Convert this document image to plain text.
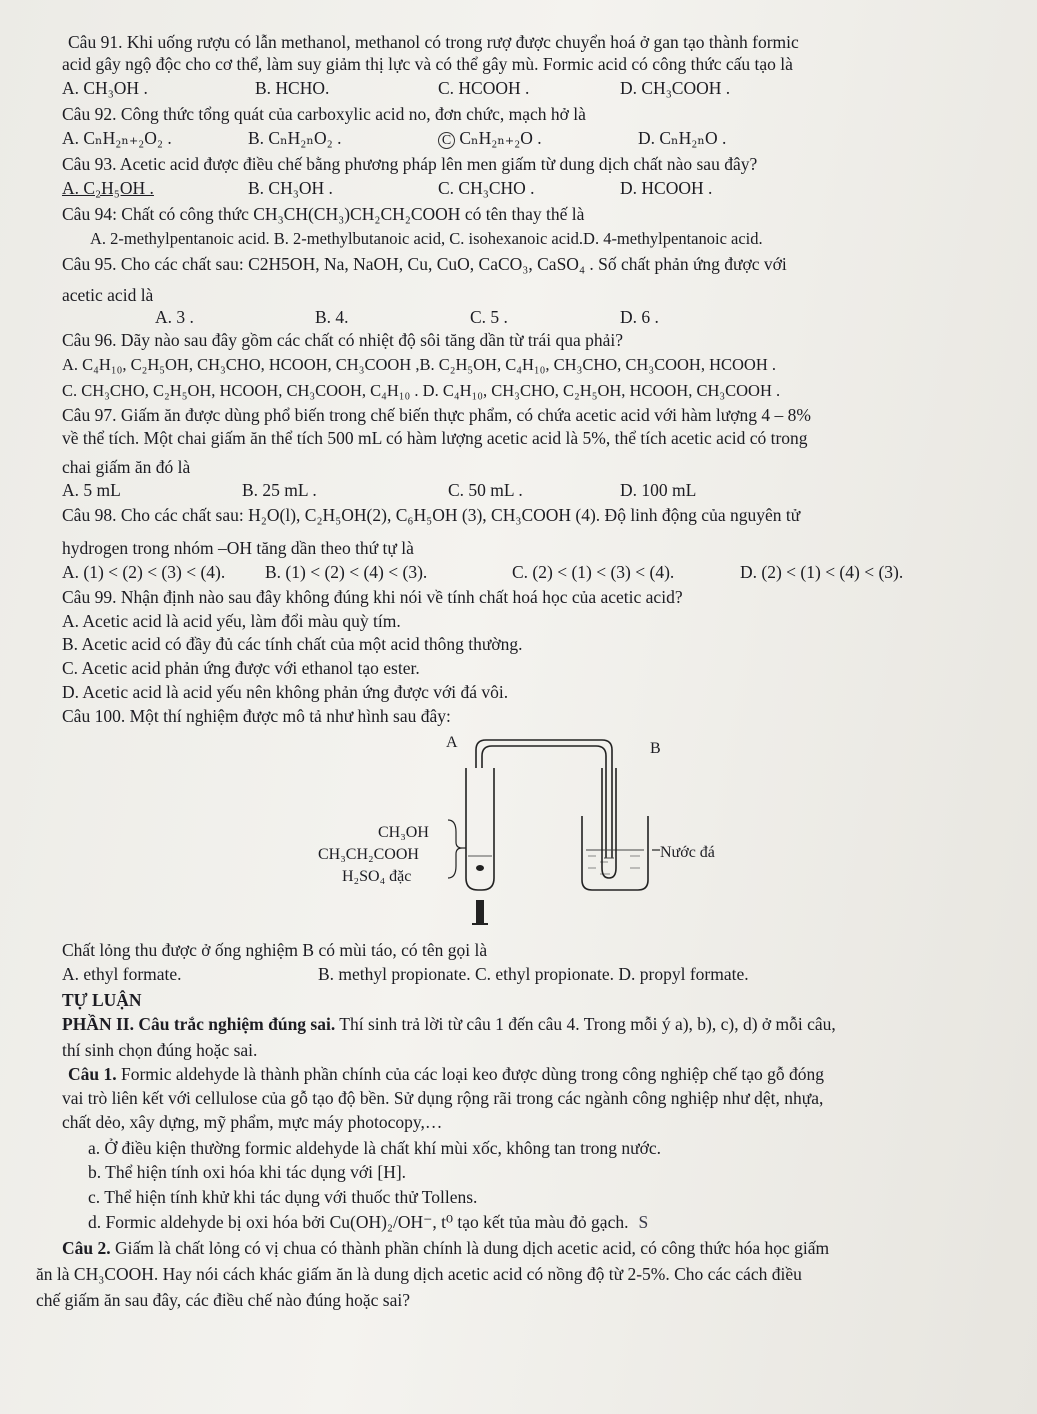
Câu 91. Khi uống rượu có lẫn methanol, methanol có trong rượ được chuyển hoá ở gan tạo thành formic
acid gây ngộ độc cho cơ thể, làm suy giảm thị lực và có thể gây mù. Formic acid có công thức cấu tạo là
A. CH₃OH .	B. HCHO.	C. HCOOH .	D. CH₃COOH .
Câu 92. Công thức tổng quát của carboxylic acid no, đơn chức, mạch hở là
A. CₙH₂ₙ₊₂O₂ .	B. CₙH₂ₙO₂ .	C CₙH₂ₙ₊₂O .	D. CₙH₂ₙO .
Câu 93. Acetic acid được điều chế bằng phương pháp lên men giấm từ dung dịch chất nào sau đây?
A. C₂H₅OH .	B. CH₃OH .	C. CH₃CHO .	D. HCOOH .
Câu 94: Chất có công thức CH₃CH(CH₃)CH₂CH₂COOH có tên thay thế là
A. 2-methylpentanoic acid. B. 2-methylbutanoic acid, C. isohexanoic acid.D. 4-methylpentanoic acid.
Câu 95. Cho các chất sau: C2H5OH, Na, NaOH, Cu, CuO, CaCO₃, CaSO₄ . Số chất phản ứng được với
acetic acid là
A. 3 .	B. 4.	C. 5 .	D. 6 .
Câu 96. Dãy nào sau đây gồm các chất có nhiệt độ sôi tăng dần từ trái qua phải?
A. C₄H₁₀, C₂H₅OH, CH₃CHO, HCOOH, CH₃COOH ,B. C₂H₅OH, C₄H₁₀, CH₃CHO, CH₃COOH, HCOOH .
C. CH₃CHO, C₂H₅OH, HCOOH, CH₃COOH, C₄H₁₀ . D. C₄H₁₀, CH₃CHO, C₂H₅OH, HCOOH, CH₃COOH .
Câu 97. Giấm ăn được dùng phổ biến trong chế biến thực phẩm, có chứa acetic acid với hàm lượng 4 – 8%
về thể tích. Một chai giấm ăn thể tích 500 mL có hàm lượng acetic acid là 5%, thể tích acetic acid có trong
chai giấm ăn đó là
A. 5 mL	B. 25 mL .	C. 50 mL .	D. 100 mL
Câu 98. Cho các chất sau: H₂O(l), C₂H₅OH(2), C₆H₅OH (3), CH₃COOH (4). Độ linh động của nguyên tử
hydrogen trong nhóm –OH tăng dần theo thứ tự là
A. (1) < (2) < (3) < (4). B. (1) < (2) < (4) < (3).	C. (2) < (1) < (3) < (4).	D. (2) < (1) < (4) < (3).
Câu 99. Nhận định nào sau đây không đúng khi nói về tính chất hoá học của acetic acid?
A. Acetic acid là acid yếu, làm đổi màu quỳ tím.
B. Acetic acid có đầy đủ các tính chất của một acid thông thường.
C. Acetic acid phản ứng được với ethanol tạo ester.
D. Acetic acid là acid yếu nên không phản ứng được với đá vôi.
Câu 100. Một thí nghiệm được mô tả như hình sau đây:
A	B
CH₃OH
CH₃CH₂COOH
H₂SO₄ đặc
Nước đá
Chất lỏng thu được ở ống nghiệm B có mùi táo, có tên gọi là
A. ethyl formate.	B. methyl propionate. C. ethyl propionate. D. propyl formate.
TỰ LUẬN
PHẦN II. Câu trắc nghiệm đúng sai. Thí sinh trả lời từ câu 1 đến câu 4. Trong mỗi ý a), b), c), d) ở mỗi câu,
thí sinh chọn đúng hoặc sai.
Câu 1. Formic aldehyde là thành phần chính của các loại keo được dùng trong công nghiệp chế tạo gỗ đóng
vai trò liên kết với cellulose của gỗ tạo độ bền. Sử dụng rộng rãi trong các ngành công nghiệp như dệt, nhựa,
chất dẻo, xây dựng, mỹ phẩm, mực máy photocopy,…
a. Ở điều kiện thường formic aldehyde là chất khí mùi xốc, không tan trong nước.
b. Thể hiện tính oxi hóa khi tác dụng với [H].
c. Thể hiện tính khử khi tác dụng với thuốc thử Tollens.
d. Formic aldehyde bị oxi hóa bởi Cu(OH)₂/OH⁻, t⁰ tạo kết tủa màu đỏ gạch. S
Câu 2. Giấm là chất lỏng có vị chua có thành phần chính là dung dịch acetic acid, có công thức hóa học giấm
ăn là CH₃COOH. Hay nói cách khác giấm ăn là dung dịch acetic acid có nồng độ từ 2-5%. Cho các cách điều
chế giấm ăn sau đây, các điều chế nào đúng hoặc sai?
